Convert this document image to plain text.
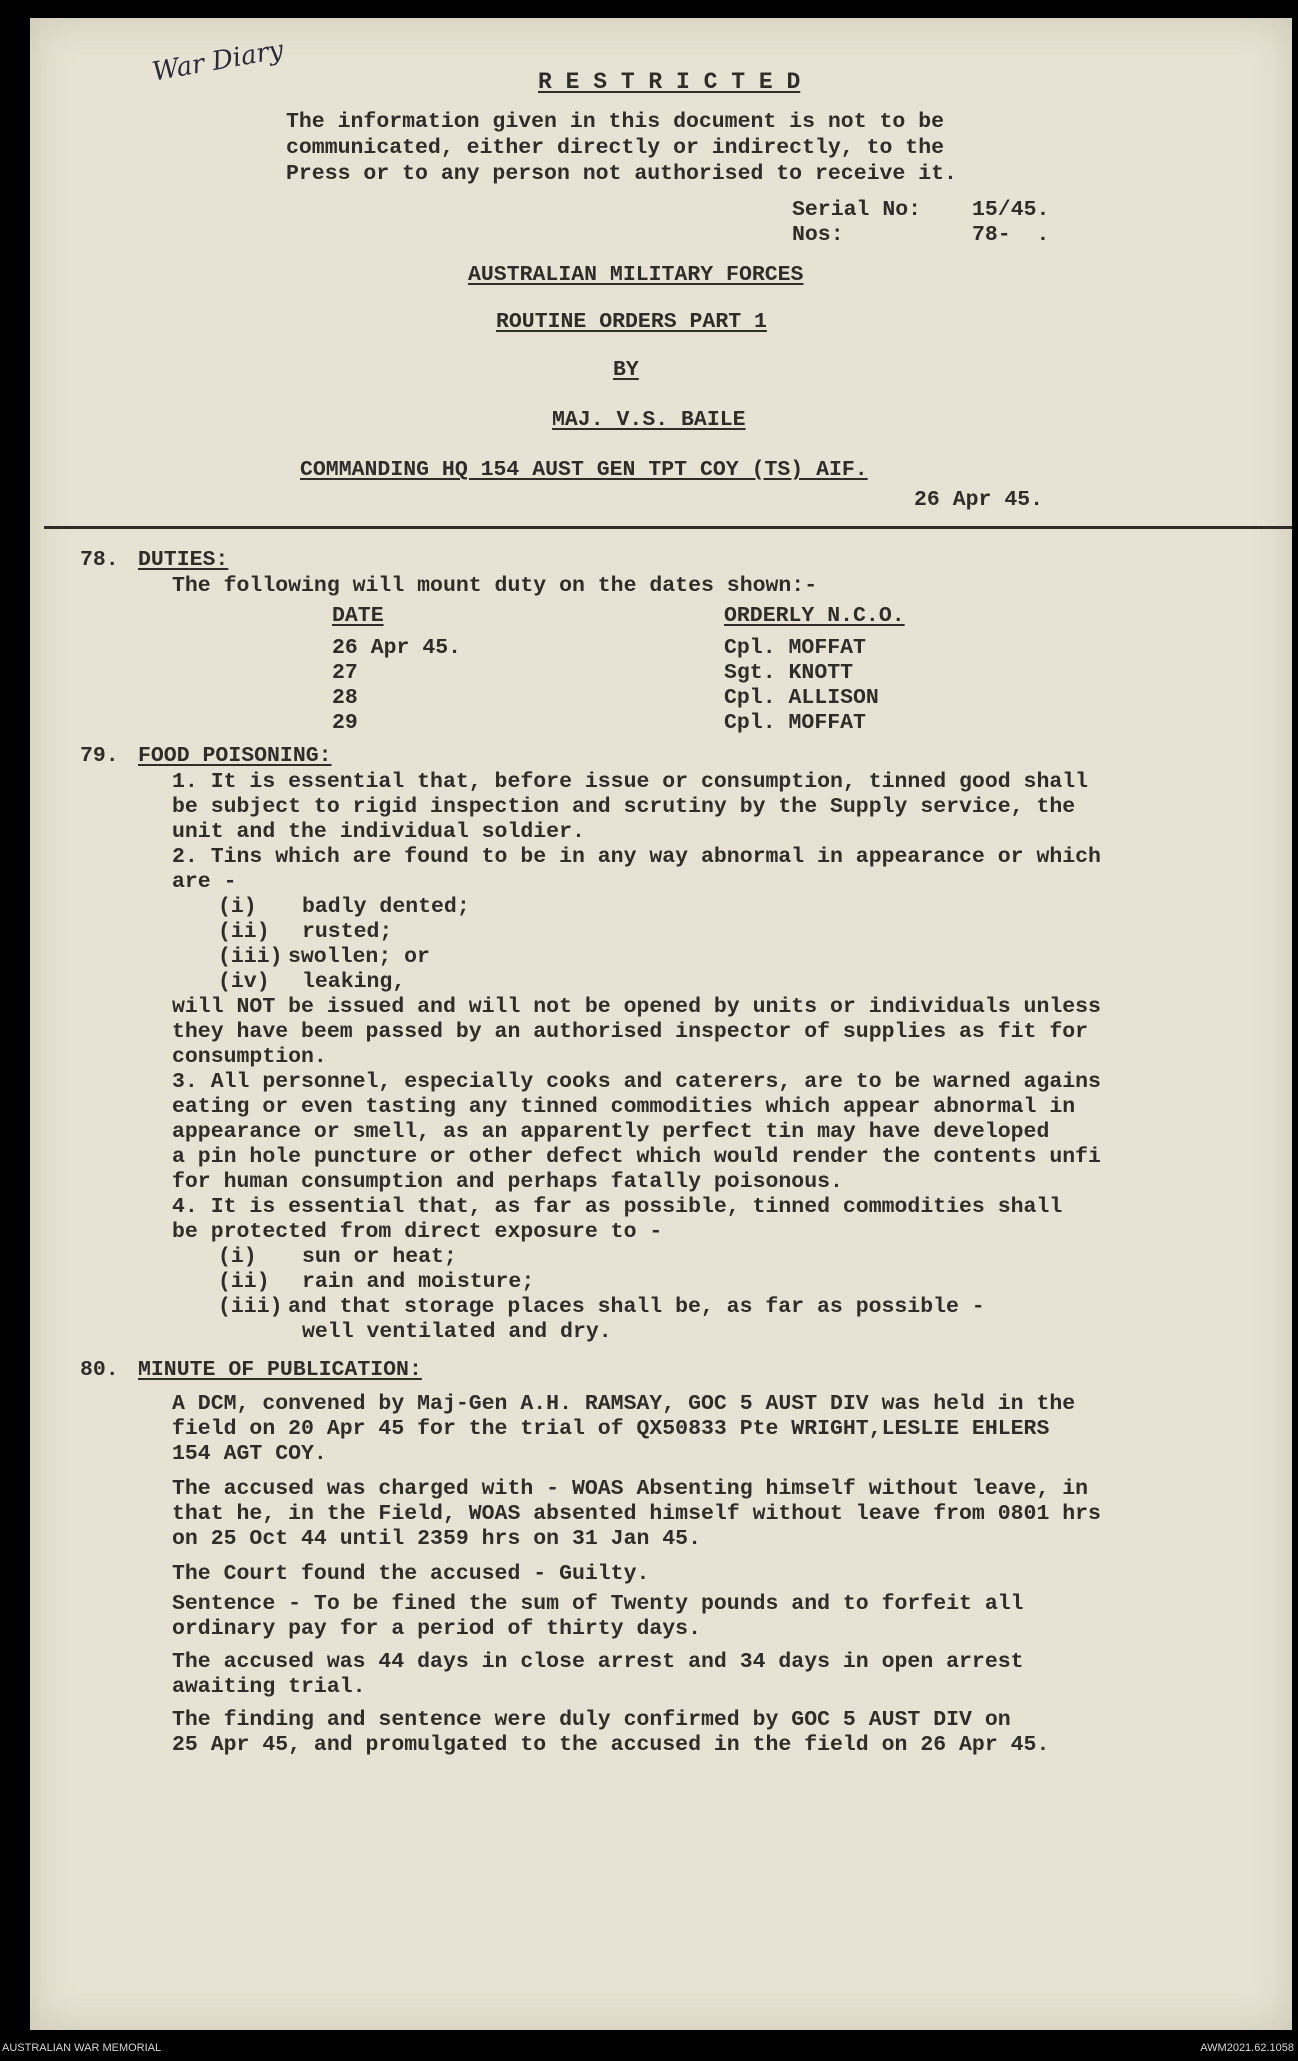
War Diary	R E S T R I C T E D
The information given in this document is not to be
communicated, either directly or indirectly, to the
Press or to any person not authorised to receive it.
Serial No: 15/45.
Nos:	78-  .
AUSTRALIAN MILITARY FORCES
ROUTINE ORDERS PART 1
BY
MAJ. V.S. BAILE
COMMANDING HQ 154 AUST GEN TPT COY (TS) AIF.
26 Apr 45.
78. DUTIES:
The following will mount duty on the dates shown:-
DATE	ORDERLY N.C.O.
26 Apr 45.	Cpl. MOFFAT
27	Sgt. KNOTT
28	Cpl. ALLISON
29	Cpl. MOFFAT
79. FOOD POISONING:
1. It is essential that, before issue or consumption, tinned good shall
be subject to rigid inspection and scrutiny by the Supply service, the
unit and the individual soldier.
2. Tins which are found to be in any way abnormal in appearance or which
are -
(i) badly dented;
(ii) rusted;
(iii) swollen; or
(iv) leaking,
will NOT be issued and will not be opened by units or individuals unless
they have beem passed by an authorised inspector of supplies as fit for
consumption.
3. All personnel, especially cooks and caterers, are to be warned agains
eating or even tasting any tinned commodities which appear abnormal in
appearance or smell, as an apparently perfect tin may have developed
a pin hole puncture or other defect which would render the contents unfi
for human consumption and perhaps fatally poisonous.
4. It is essential that, as far as possible, tinned commodities shall
be protected from direct exposure to -
(i) sun or heat;
(ii) rain and moisture;
(iii) and that storage places shall be, as far as possible -
well ventilated and dry.
80. MINUTE OF PUBLICATION:
A DCM, convened by Maj-Gen A.H. RAMSAY, GOC 5 AUST DIV was held in the
field on 20 Apr 45 for the trial of QX50833 Pte WRIGHT,LESLIE EHLERS
154 AGT COY.
The accused was charged with - WOAS Absenting himself without leave, in
that he, in the Field, WOAS absented himself without leave from 0801 hrs
on 25 Oct 44 until 2359 hrs on 31 Jan 45.
The Court found the accused - Guilty.
Sentence - To be fined the sum of Twenty pounds and to forfeit all
ordinary pay for a period of thirty days.
The accused was 44 days in close arrest and 34 days in open arrest
awaiting trial.
The finding and sentence were duly confirmed by GOC 5 AUST DIV on
25 Apr 45, and promulgated to the accused in the field on 26 Apr 45.
AUSTRALIAN WAR MEMORIAL	AWM2021.62.1058
